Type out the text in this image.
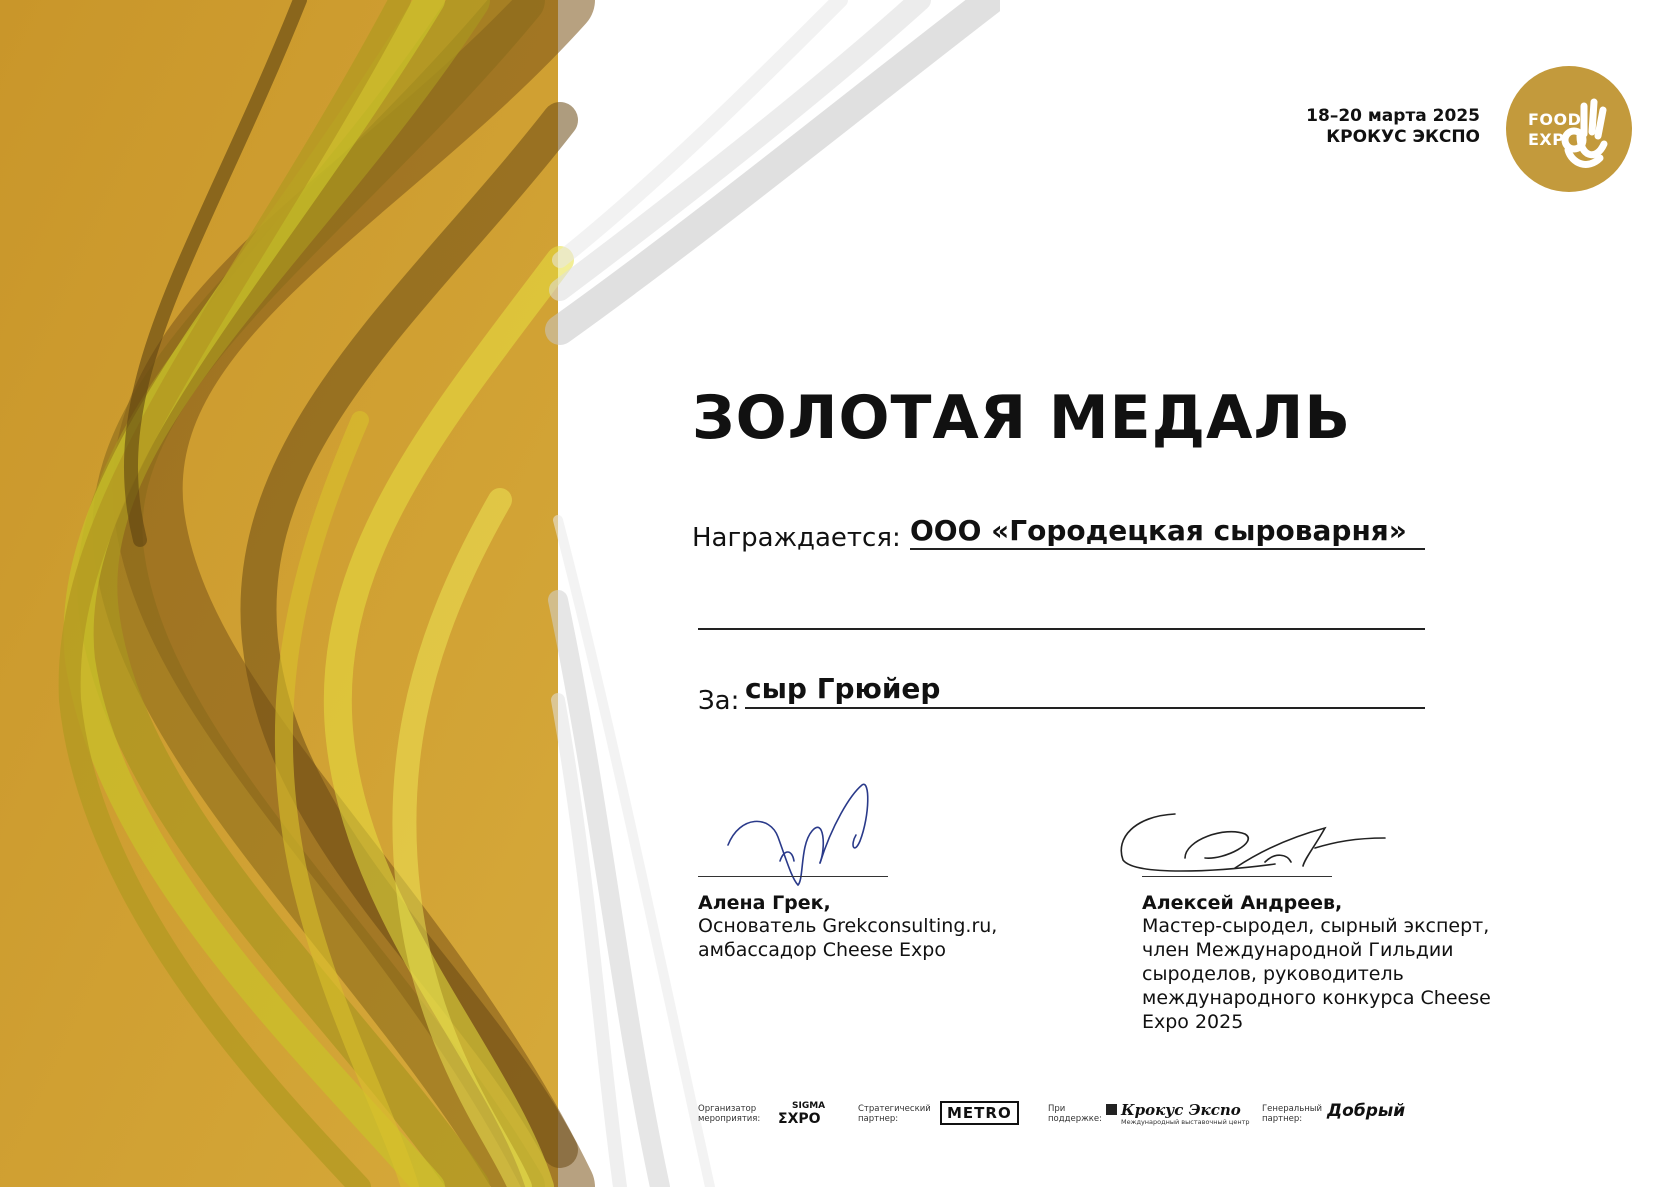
18–20 марта 2025
КРОКУС ЭКСПО
FOOD
EXP
ЗОЛОТАЯ МЕДАЛЬ
Награждается: ООО «Городецкая сыроварня»
За: сыр Грюйер
Алена Грек,
Основатель Grekconsulting.ru,
амбассадор Cheese Expo
Алексей Андреев,
Мастер-сыродел, сырный эксперт,
член Международной Гильдии
сыроделов, руководитель
международного конкурса Cheese
Expo 2025
Организатор
мероприятия:
SIGMA
ΣXPO
Стратегический
партнер:	METRO	При
поддержке: Крокус Экспо
Международный выставочный центр
Генеральный
партнер:	Добрый
